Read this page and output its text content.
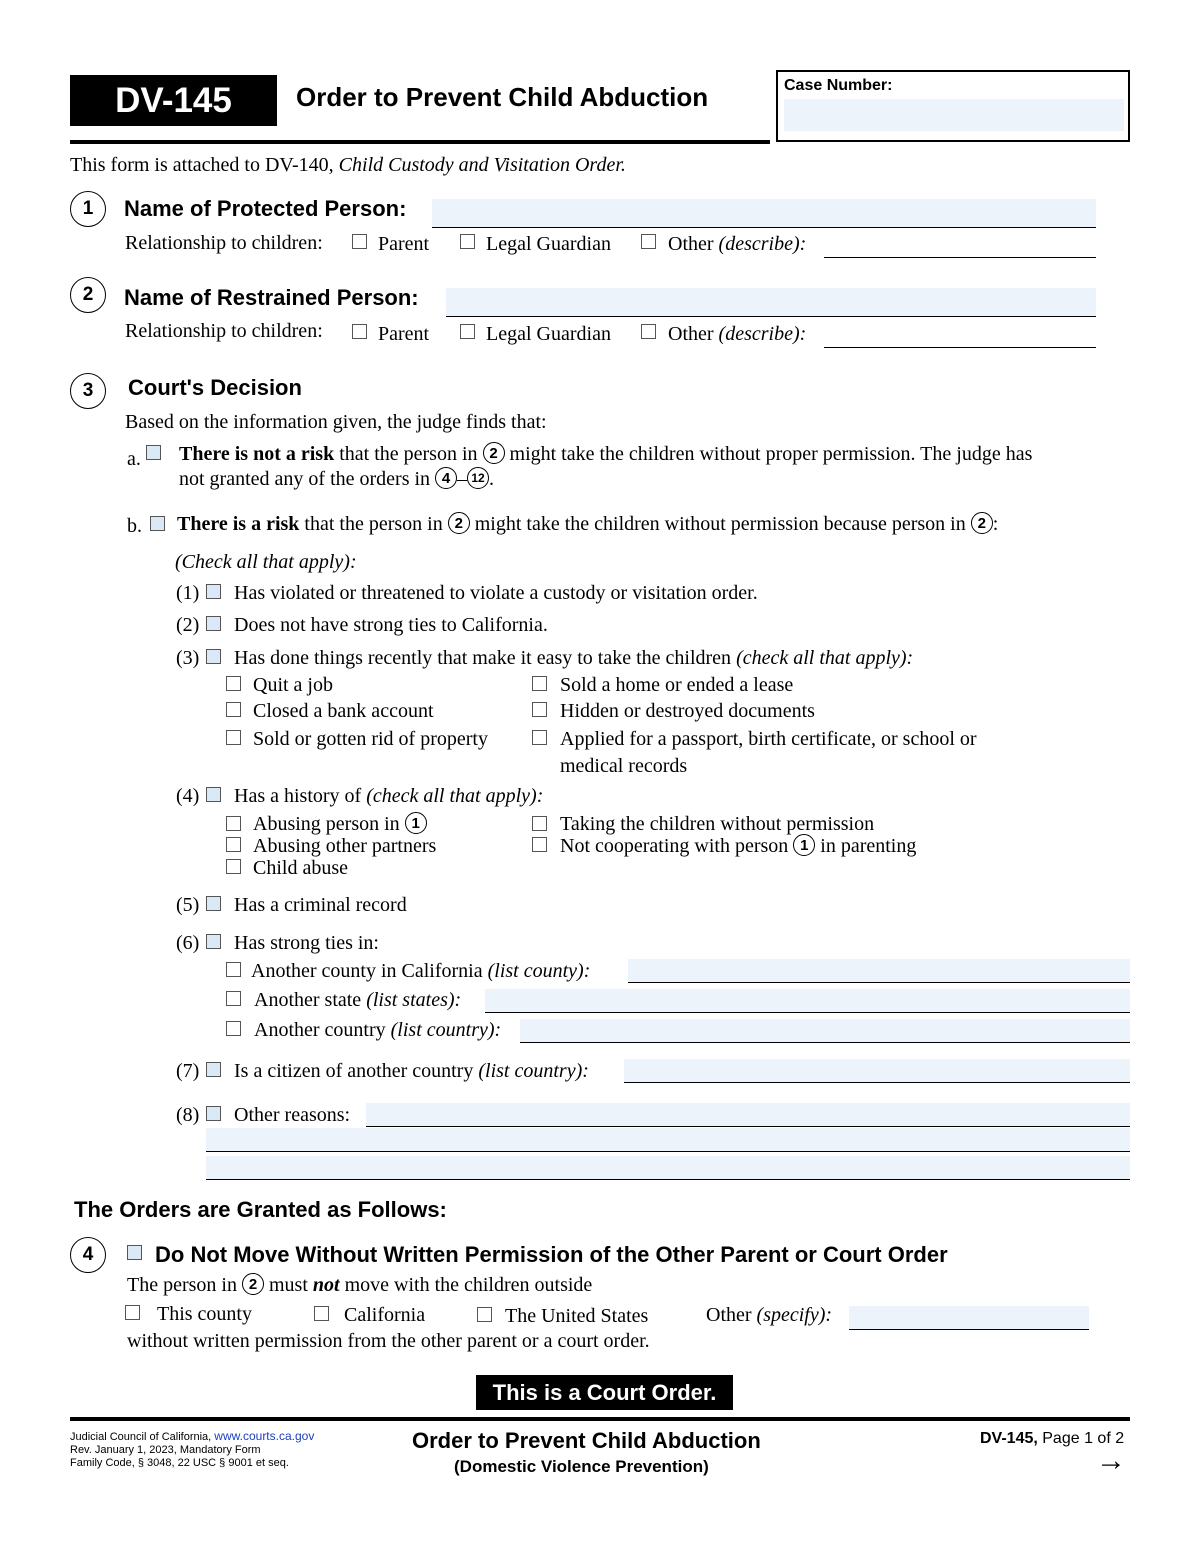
DV-145 Order to Prevent Child Abduction	Case Number:
This form is attached to DV-140, Child Custody and Visitation Order.
1	Name of Protected Person:
Relationship to children:	Parent	Legal Guardian	Other (describe):
2	Name of Restrained Person:
Relationship to children:	Parent	Legal Guardian	Other (describe):
3	Court's Decision
Based on the information given, the judge finds that:
a. There is not a risk that the person in 2 might take the children without proper permission. The judge has
not granted any of the orders in 4 – 12 .
b. There is a risk that the person in 2 might take the children without permission because person in 2 :
(Check all that apply):
(1) Has violated or threatened to violate a custody or visitation order.
(2) Does not have strong ties to California.
(3) Has done things recently that make it easy to take the children (check all that apply):
Quit a job	Sold a home or ended a lease
Closed a bank account	Hidden or destroyed documents
Sold or gotten rid of property	Applied for a passport, birth certificate, or school or
medical records
(4) Has a history of (check all that apply):
Abusing person in 1	Taking the children without permission
Abusing other partners	Not cooperating with person 1 in parenting
Child abuse
(5) Has a criminal record
(6) Has strong ties in:
Another county in California (list county):
Another state (list states):
Another country (list country):
(7) Is a citizen of another country (list country):
(8) Other reasons:
The Orders are Granted as Follows:
4	Do Not Move Without Written Permission of the Other Parent or Court Order
The person in 2 must not move with the children outside
This county	California	The United States	Other (specify):
without written permission from the other parent or a court order.
This is a Court Order.
Judicial Council of California, www.courts.ca.gov
Rev. January 1, 2023, Mandatory Form
Family Code, § 3048, 22 USC § 9001 et seq.
Order to Prevent Child Abduction
(Domestic Violence Prevention)
DV-145, Page 1 of 2
→
